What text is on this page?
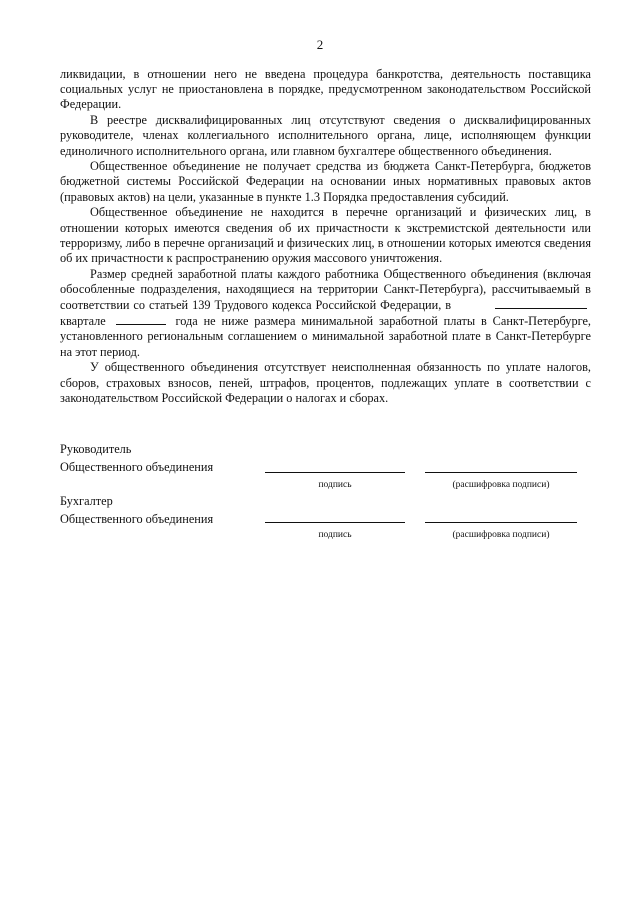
2

ликвидации, в отношении него не введена процедура банкротства, деятельность поставщика социальных услуг не приостановлена в порядке, предусмотренном законодательством Российской Федерации.

В реестре дисквалифицированных лиц отсутствуют сведения о дисквалифицированных руководителе, членах коллегиального исполнительного органа, лице, исполняющем функции единоличного исполнительного органа, или главном бухгалтере общественного объединения.

Общественное объединение не получает средства из бюджета Санкт-Петербурга, бюджетов бюджетной системы Российской Федерации на основании иных нормативных правовых актов (правовых актов) на цели, указанные в пункте 1.3 Порядка предоставления субсидий.

Общественное объединение не находится в перечне организаций и физических лиц, в отношении которых имеются сведения об их причастности к экстремистской деятельности или терроризму, либо в перечне организаций и физических лиц, в отношении которых имеются сведения об их причастности к распространению оружия массового уничтожения.

Размер средней заработной платы каждого работника Общественного объединения (включая обособленные подразделения, находящиеся на территории Санкт-Петербурга), рассчитываемый в соответствии со статьей 139 Трудового кодекса Российской Федерации, в  квартале	года не ниже размера минимальной заработной платы в Санкт-Петербурге, установленного региональным соглашением о минимальной заработной плате в Санкт-Петербурге на этот период.

У общественного объединения отсутствует неисполненная обязанность по уплате налогов, сборов, страховых взносов, пеней, штрафов, процентов, подлежащих уплате в соответствии с законодательством Российской Федерации о налогах и сборах.

Руководитель
Общественного объединения
подпись	(расшифровка подписи)
Бухгалтер
Общественного объединения
подпись	(расшифровка подписи)
